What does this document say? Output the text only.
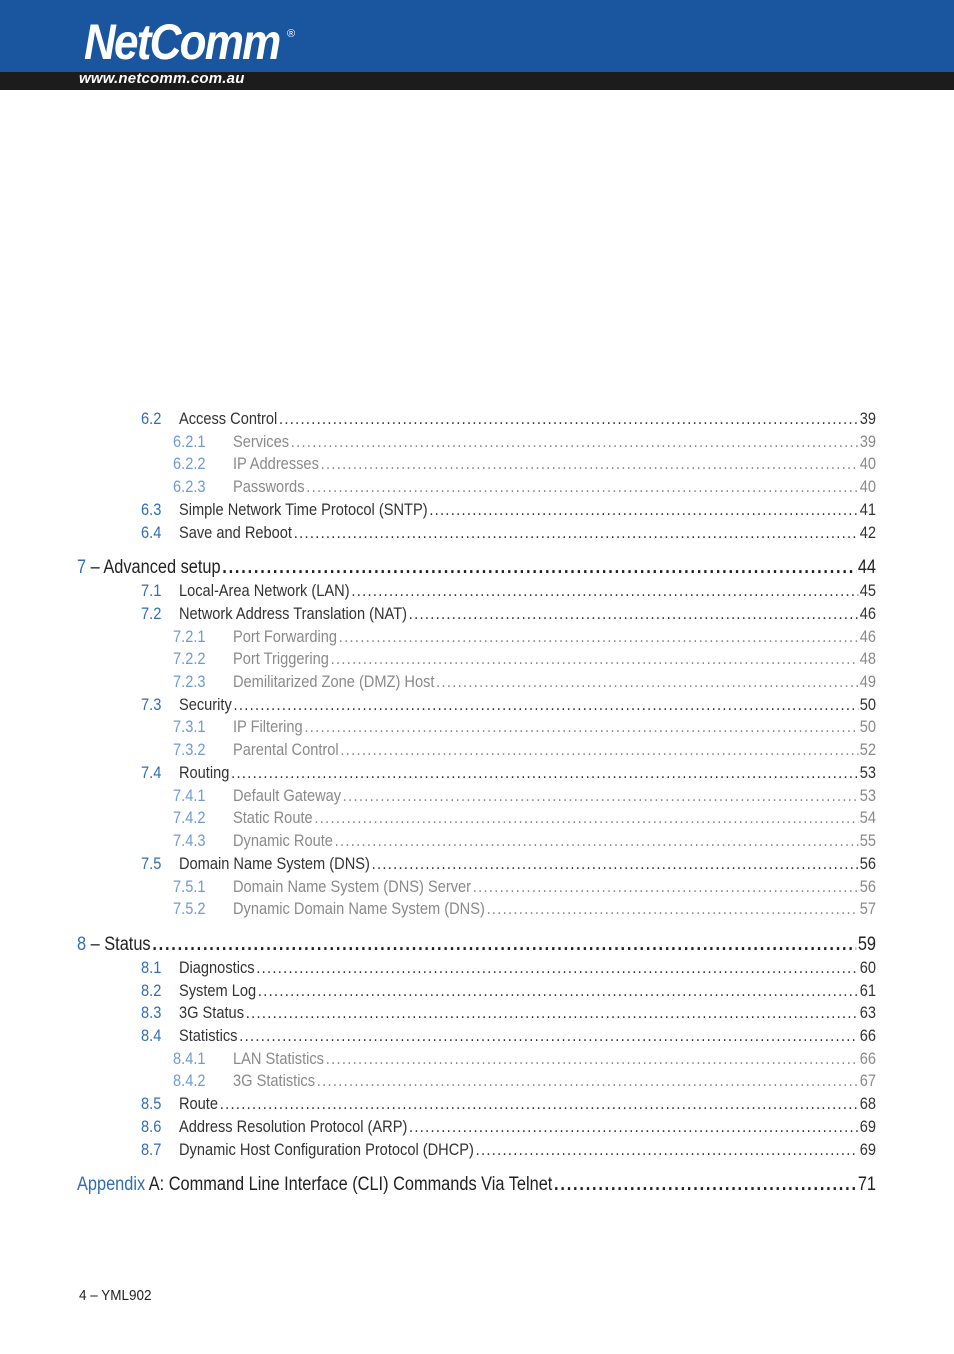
NetComm ®
www.netcomm.com.au
6.2	Access Control . . .	39
6.2.1	Services . . .	39
6.2.2	IP Addresses . . .	40
6.2.3	Passwords . . .	40
6.3	Simple Network Time Protocol (SNTP) . . .	41
6.4	Save and Reboot . . .	42
7 – Advanced setup . . .	44
7.1	Local-Area Network (LAN) . . .	45
7.2	Network Address Translation (NAT) . . .	46
7.2.1	Port Forwarding . . .	46
7.2.2	Port Triggering . . .	48
7.2.3	Demilitarized Zone (DMZ) Host . . .	49
7.3	Security . . .	50
7.3.1	IP Filtering . . .	50
7.3.2	Parental Control . . .	52
7.4	Routing . . .	53
7.4.1	Default Gateway . . .	53
7.4.2	Static Route . . .	54
7.4.3	Dynamic Route . . .	55
7.5	Domain Name System (DNS) . . .	56
7.5.1	Domain Name System (DNS) Server . . .	56
7.5.2	Dynamic Domain Name System (DNS) . . .	57
8 – Status . . .	59
8.1	Diagnostics . . .	60
8.2	System Log . . .	61
8.3	3G Status . . .	63
8.4	Statistics . . .	66
8.4.1	LAN Statistics . . .	66
8.4.2	3G Statistics . . .	67
8.5	Route . . .	68
8.6	Address Resolution Protocol (ARP) . . .	69
8.7	Dynamic Host Configuration Protocol (DHCP) . . .	69
Appendix A: Command Line Interface (CLI) Commands Via Telnet . . .	71
4 – YML902
